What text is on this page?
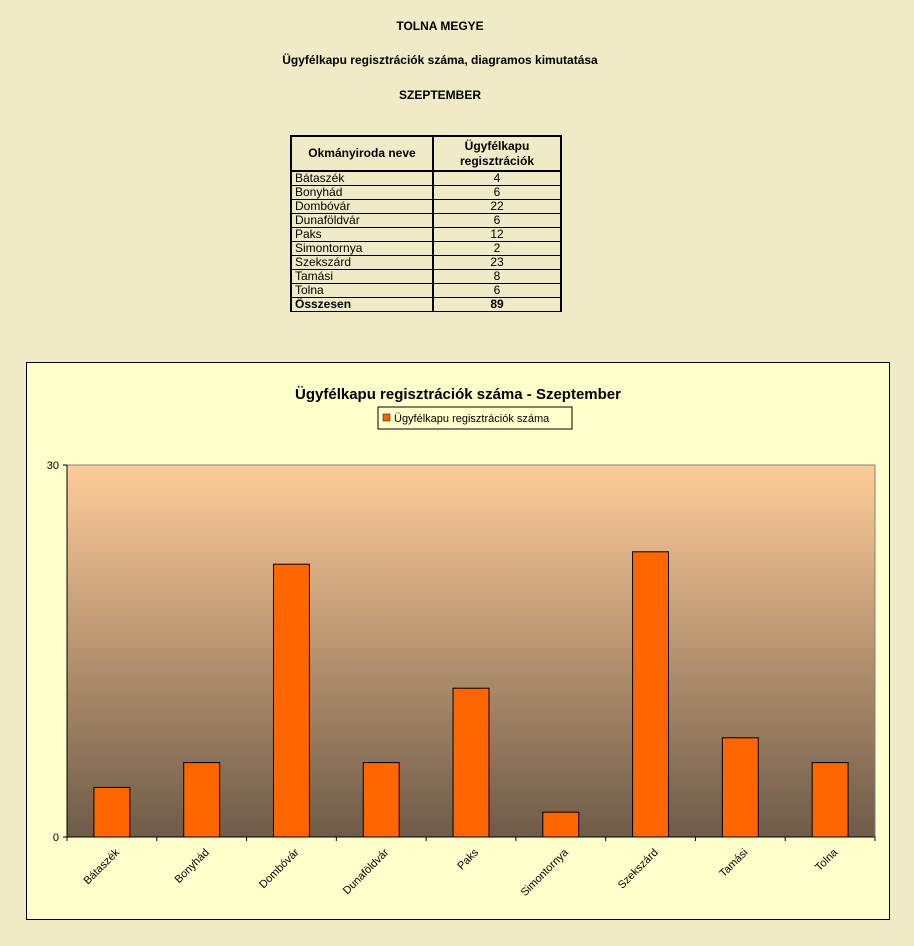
TOLNA MEGYE
Ügyfélkapu regisztrációk száma, diagramos kimutatása
SZEPTEMBER
Okmányiroda neve	Ügyfélkapu
regisztrációk
Bátaszék	4
Bonyhád	6
Dombóvár	22
Dunaföldvár	6
Paks	12
Simontornya	2
Szekszárd	23
Tamási	8
Tolna	6
Összesen	89
Ügyfélkapu regisztrációk száma - Szeptember
Ügyfélkapu regisztrációk száma
0
30
Bátaszék	Bonyhád	Dombóvár	Dunaföldvár	Paks	Simontornya	Szekszárd	Tamási	Tolna
